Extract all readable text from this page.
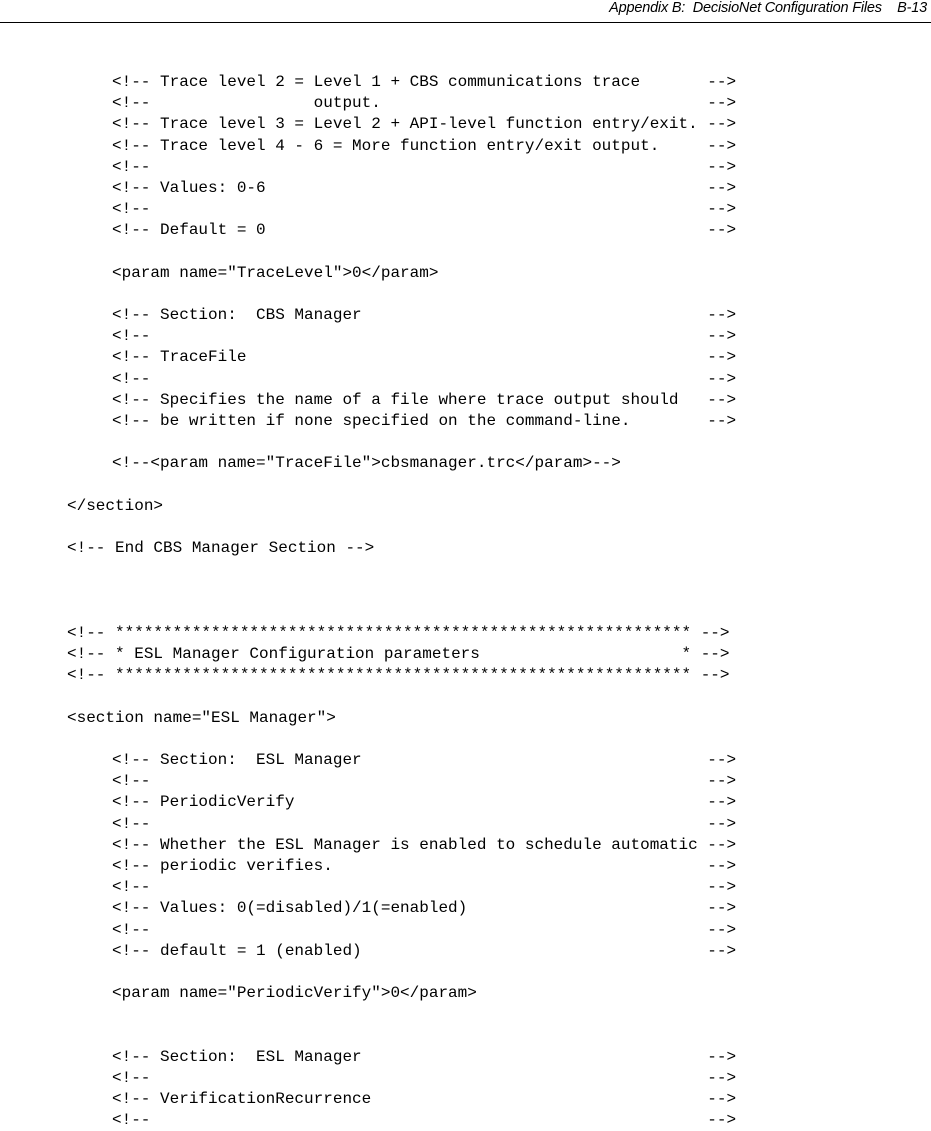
Appendix B:  DecisioNet Configuration Files B-13
<!-- Trace level 2 = Level 1 + CBS communications trace       -->
<!--                 output.                                  -->
<!-- Trace level 3 = Level 2 + API-level function entry/exit. -->
<!-- Trace level 4 - 6 = More function entry/exit output.     -->
<!--                                                          -->
<!-- Values: 0-6                                              -->
<!--                                                          -->
<!-- Default = 0                                              -->
<param name="TraceLevel">0</param>
<!-- Section:  CBS Manager                                    -->
<!--                                                          -->
<!-- TraceFile                                                -->
<!--                                                          -->
<!-- Specifies the name of a file where trace output should   -->
<!-- be written if none specified on the command-line.        -->
<!--<param name="TraceFile">cbsmanager.trc</param>-->
</section>
<!-- End CBS Manager Section -->
<!-- ************************************************************ -->
<!-- * ESL Manager Configuration parameters                     * -->
<!-- ************************************************************ -->
<section name="ESL Manager">
<!-- Section:  ESL Manager                                    -->
<!--                                                          -->
<!-- PeriodicVerify                                           -->
<!--                                                          -->
<!-- Whether the ESL Manager is enabled to schedule automatic -->
<!-- periodic verifies.                                       -->
<!--                                                          -->
<!-- Values: 0(=disabled)/1(=enabled)                         -->
<!--                                                          -->
<!-- default = 1 (enabled)                                    -->
<param name="PeriodicVerify">0</param>
<!-- Section:  ESL Manager                                    -->
<!--                                                          -->
<!-- VerificationRecurrence                                   -->
<!--                                                          -->
